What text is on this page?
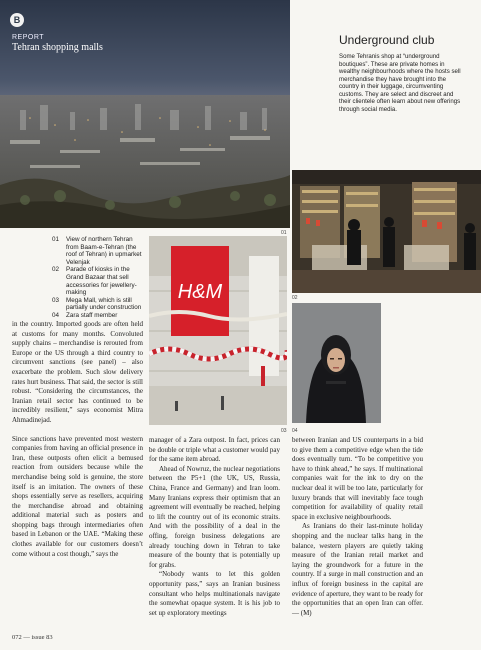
B
REPORT
Tehran shopping malls
Underground club
Some Tehranis shop at “underground boutiques”. These are private homes in wealthy neighbourhoods where the hosts sell merchandise they have brought into the country in their luggage, circumventing customs. They are select and discreet and their clientele often learn about new offerings through social media.
01
02
01	View of northern Tehran from Baam-e-Tehran (the roof of Tehran) in upmarket Velenjak
02	Parade of kiosks in the Grand Bazaar that sell accessories for jewellery-making
03	Mega Mall, which is still partially under construction
04	Zara staff member
H&M
03 04

in the country. Imported goods are often held at customs for many months. Convoluted supply chains – merchandise is rerouted from Europe or the US through a third country to circumvent sanctions (see panel) – also exacerbate the problem. Such slow delivery rates hurt business. That said, the sector is still robust. “Considering the circumstances, the Iranian retail sector has continued to be incredibly resilient,” says economist Mitra Ahmadinejad.

Since sanctions have prevented most western companies from having an official presence in Iran, these outposts often elicit a bemused reaction from outsiders because while the merchandise being sold is genuine, the store itself is an imitation. The owners of these shops essentially serve as resellers, acquiring the merchandise abroad and obtaining additional material such as posters and shopping bags through intermediaries often based in Lebanon or the UAE. “Making these clothes available for our customers doesn’t come without a cost though,” says the

manager of a Zara outpost. In fact, prices can be double or triple what a customer would pay for the same item abroad.

Ahead of Nowruz, the nuclear negotiations between the P5+1 (the UK, US, Russia, China, France and Germany) and Iran loom. Many Iranians express their optimism that an agreement will eventually be reached, helping to lift the country out of its economic straits. And with the possibility of a deal in the offing, foreign business delegations are already touching down in Tehran to take measure of the bounty that is potentially up for grabs.

“Nobody wants to let this golden opportunity pass,” says an Iranian business consultant who helps multinationals navigate the somewhat opaque system. It is his job to set up exploratory meetings

between Iranian and US counterparts in a bid to give them a competitive edge when the tide does eventually turn. “To be competitive you have to think ahead,” he says. If multinational companies wait for the ink to dry on the nuclear deal it will be too late, particularly for luxury brands that will inevitably face tough competition for availability of quality retail space in exclusive neighbourhoods.

As Iranians do their last-minute holiday shopping and the nuclear talks hang in the balance, western players are quietly taking measure of the Iranian retail market and laying the groundwork for a future in the country. If a surge in mall construction and an influx of foreign business in the capital are evidence of aperture, they want to be ready for the opportunities that an open Iran can offer. — (M)

072 — issue 83
